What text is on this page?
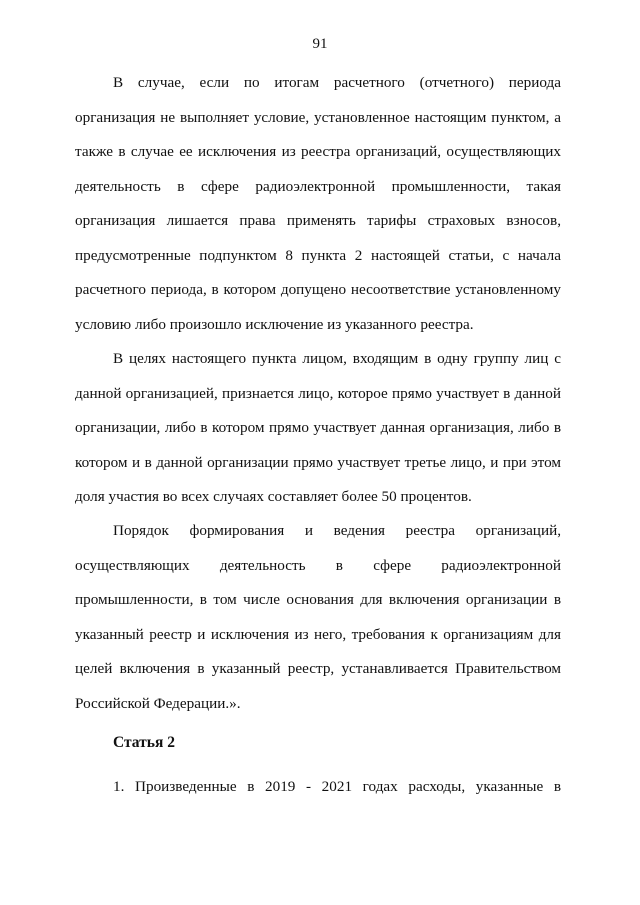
91

В случае, если по итогам расчетного (отчетного) периода организация не выполняет условие, установленное настоящим пунктом, а также в случае ее исключения из реестра организаций, осуществляющих деятельность в сфере радиоэлектронной промышленности, такая организация лишается права применять тарифы страховых взносов, предусмотренные подпунктом 8 пункта 2 настоящей статьи, с начала расчетного периода, в котором допущено несоответствие установленному условию либо произошло исключение из указанного реестра.

В целях настоящего пункта лицом, входящим в одну группу лиц с данной организацией, признается лицо, которое прямо участвует в данной организации, либо в котором прямо участвует данная организация, либо в котором и в данной организации прямо участвует третье лицо, и при этом доля участия во всех случаях составляет более 50 процентов.

Порядок формирования и ведения реестра организаций, осуществляющих деятельность в сфере радиоэлектронной промышленности, в том числе основания для включения организации в указанный реестр и исключения из него, требования к организациям для целей включения в указанный реестр, устанавливается Правительством Российской Федерации.».

Статья 2
1. Произведенные в 2019 - 2021 годах расходы, указанные в
